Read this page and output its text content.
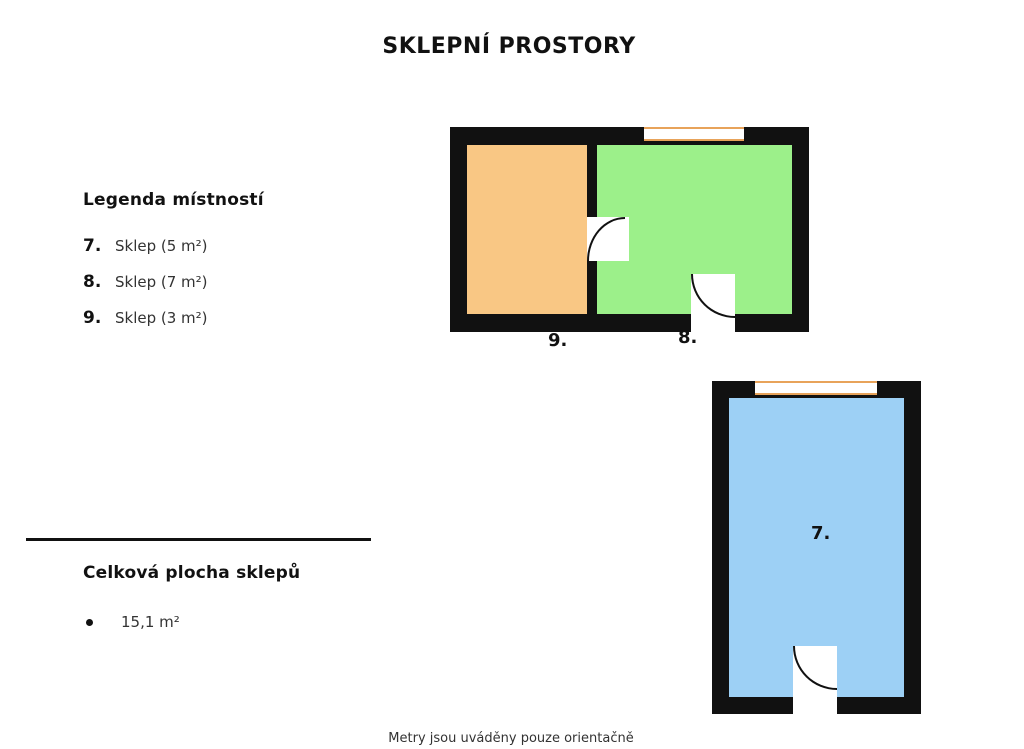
SKLEPNÍ PROSTORY
Legenda místností
7. Sklep (5 m²)
8. Sklep (7 m²)
9. Sklep (3 m²)
Celková plocha sklepů
15,1 m²
9.	8.
7.
Metry jsou uváděny pouze orientačně
